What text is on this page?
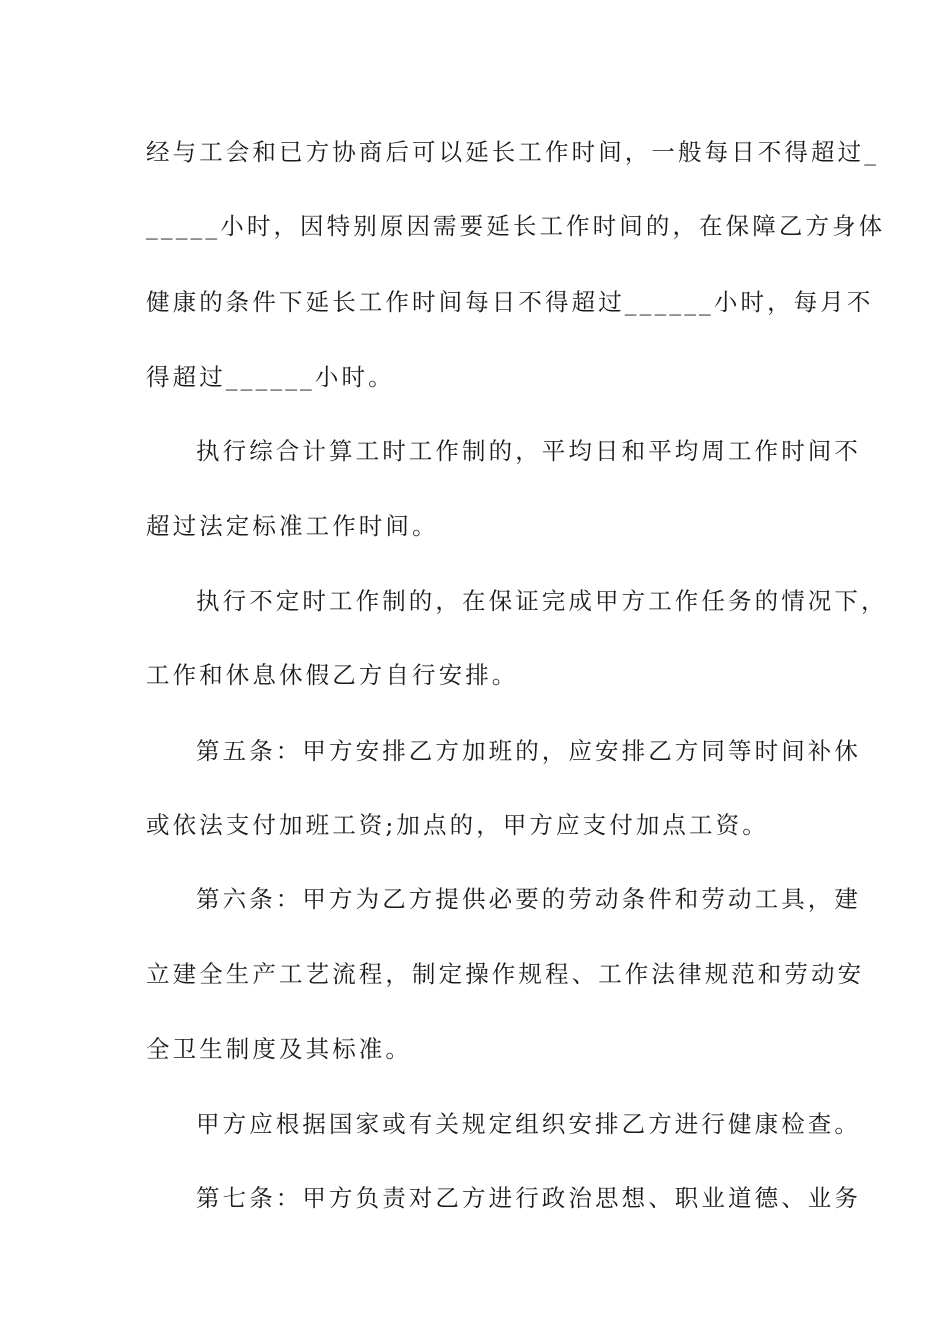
经与工会和已方协商后可以延长工作时间，一般每日不得超过_
_____小时，因特别原因需要延长工作时间的，在保障乙方身体
健康的条件下延长工作时间每日不得超过______小时，每月不
得超过______小时。
执行综合计算工时工作制的，平均日和平均周工作时间不
超过法定标准工作时间。
执行不定时工作制的，在保证完成甲方工作任务的情况下，
工作和休息休假乙方自行安排。
第五条：甲方安排乙方加班的，应安排乙方同等时间补休
或依法支付加班工资;加点的，甲方应支付加点工资。
第六条：甲方为乙方提供必要的劳动条件和劳动工具，建
立建全生产工艺流程，制定操作规程、工作法律规范和劳动安
全卫生制度及其标准。
甲方应根据国家或有关规定组织安排乙方进行健康检查。
第七条：甲方负责对乙方进行政治思想、职业道德、业务
